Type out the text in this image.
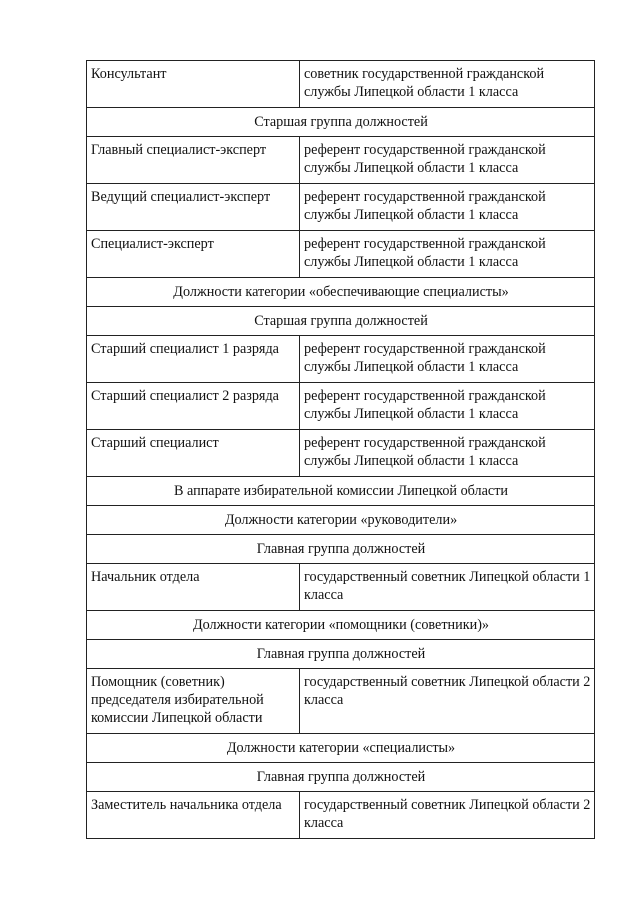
Консультант	советник государственной гражданской службы Липецкой области 1 класса
Старшая группа должностей	
Главный специалист-эксперт	референт государственной гражданской службы Липецкой области 1 класса
Ведущий специалист-эксперт	референт государственной гражданской службы Липецкой области 1 класса
Специалист-эксперт	референт государственной гражданской службы Липецкой области 1 класса
Должности категории «обеспечивающие специалисты»	
Старшая группа должностей	
Старший специалист 1 разряда	референт государственной гражданской службы Липецкой области 1 класса
Старший специалист 2 разряда	референт государственной гражданской службы Липецкой области 1 класса
Старший специалист	референт государственной гражданской службы Липецкой области 1 класса
В аппарате избирательной комиссии Липецкой области	
Должности категории «руководители»	
Главная группа должностей	
Начальник отдела	государственный советник Липецкой области 1 класса
Должности категории «помощники (советники)»	
Главная группа должностей	
Помощник (советник) председателя избирательной комиссии Липецкой области	государственный советник Липецкой области 2 класса
Должности категории «специалисты»	
Главная группа должностей	
Заместитель начальника отдела	государственный советник Липецкой области 2 класса
